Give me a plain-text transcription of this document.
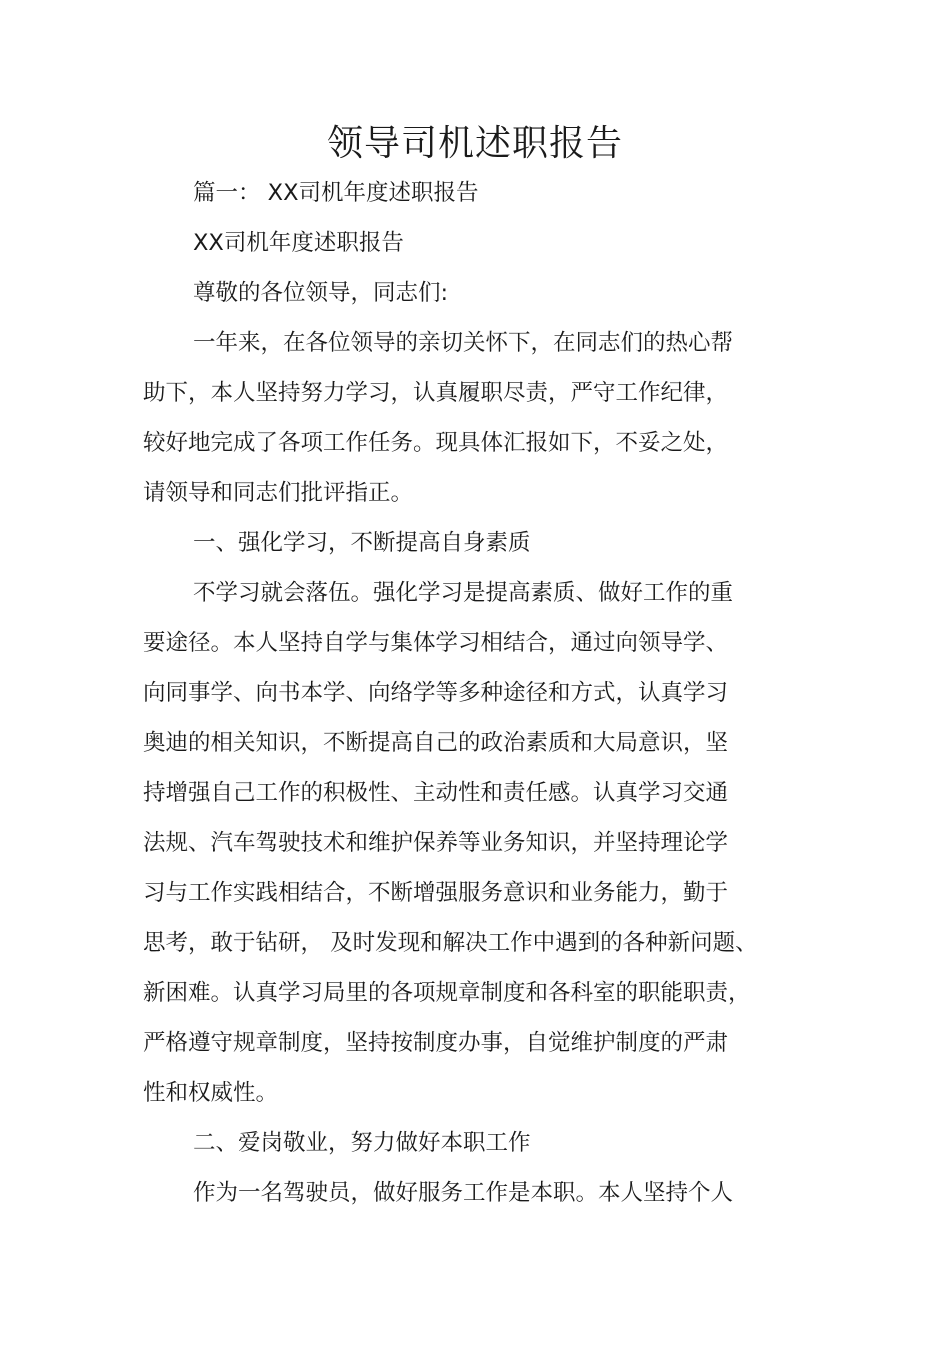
领导司机述职报告
篇一： XX司机年度述职报告
XX司机年度述职报告
尊敬的各位领导，同志们:
一年来，在各位领导的亲切关怀下，在同志们的热心帮
助下，本人坚持努力学习，认真履职尽责，严守工作纪律，
较好地完成了各项工作任务。现具体汇报如下，不妥之处，
请领导和同志们批评指正。
一、强化学习，不断提高自身素质
不学习就会落伍。强化学习是提高素质、做好工作的重
要途径。本人坚持自学与集体学习相结合，通过向领导学、
向同事学、向书本学、向络学等多种途径和方式，认真学习
奥迪的相关知识，不断提高自己的政治素质和大局意识，坚
持增强自己工作的积极性、主动性和责任感。认真学习交通
法规、汽车驾驶技术和维护保养等业务知识，并坚持理论学
习与工作实践相结合，不断增强服务意识和业务能力，勤于
思考，敢于钻研， 及时发现和解决工作中遇到的各种新问题、
新困难。认真学习局里的各项规章制度和各科室的职能职责，
严格遵守规章制度，坚持按制度办事，自觉维护制度的严肃
性和权威性。
二、爱岗敬业，努力做好本职工作
作为一名驾驶员，做好服务工作是本职。本人坚持个人
